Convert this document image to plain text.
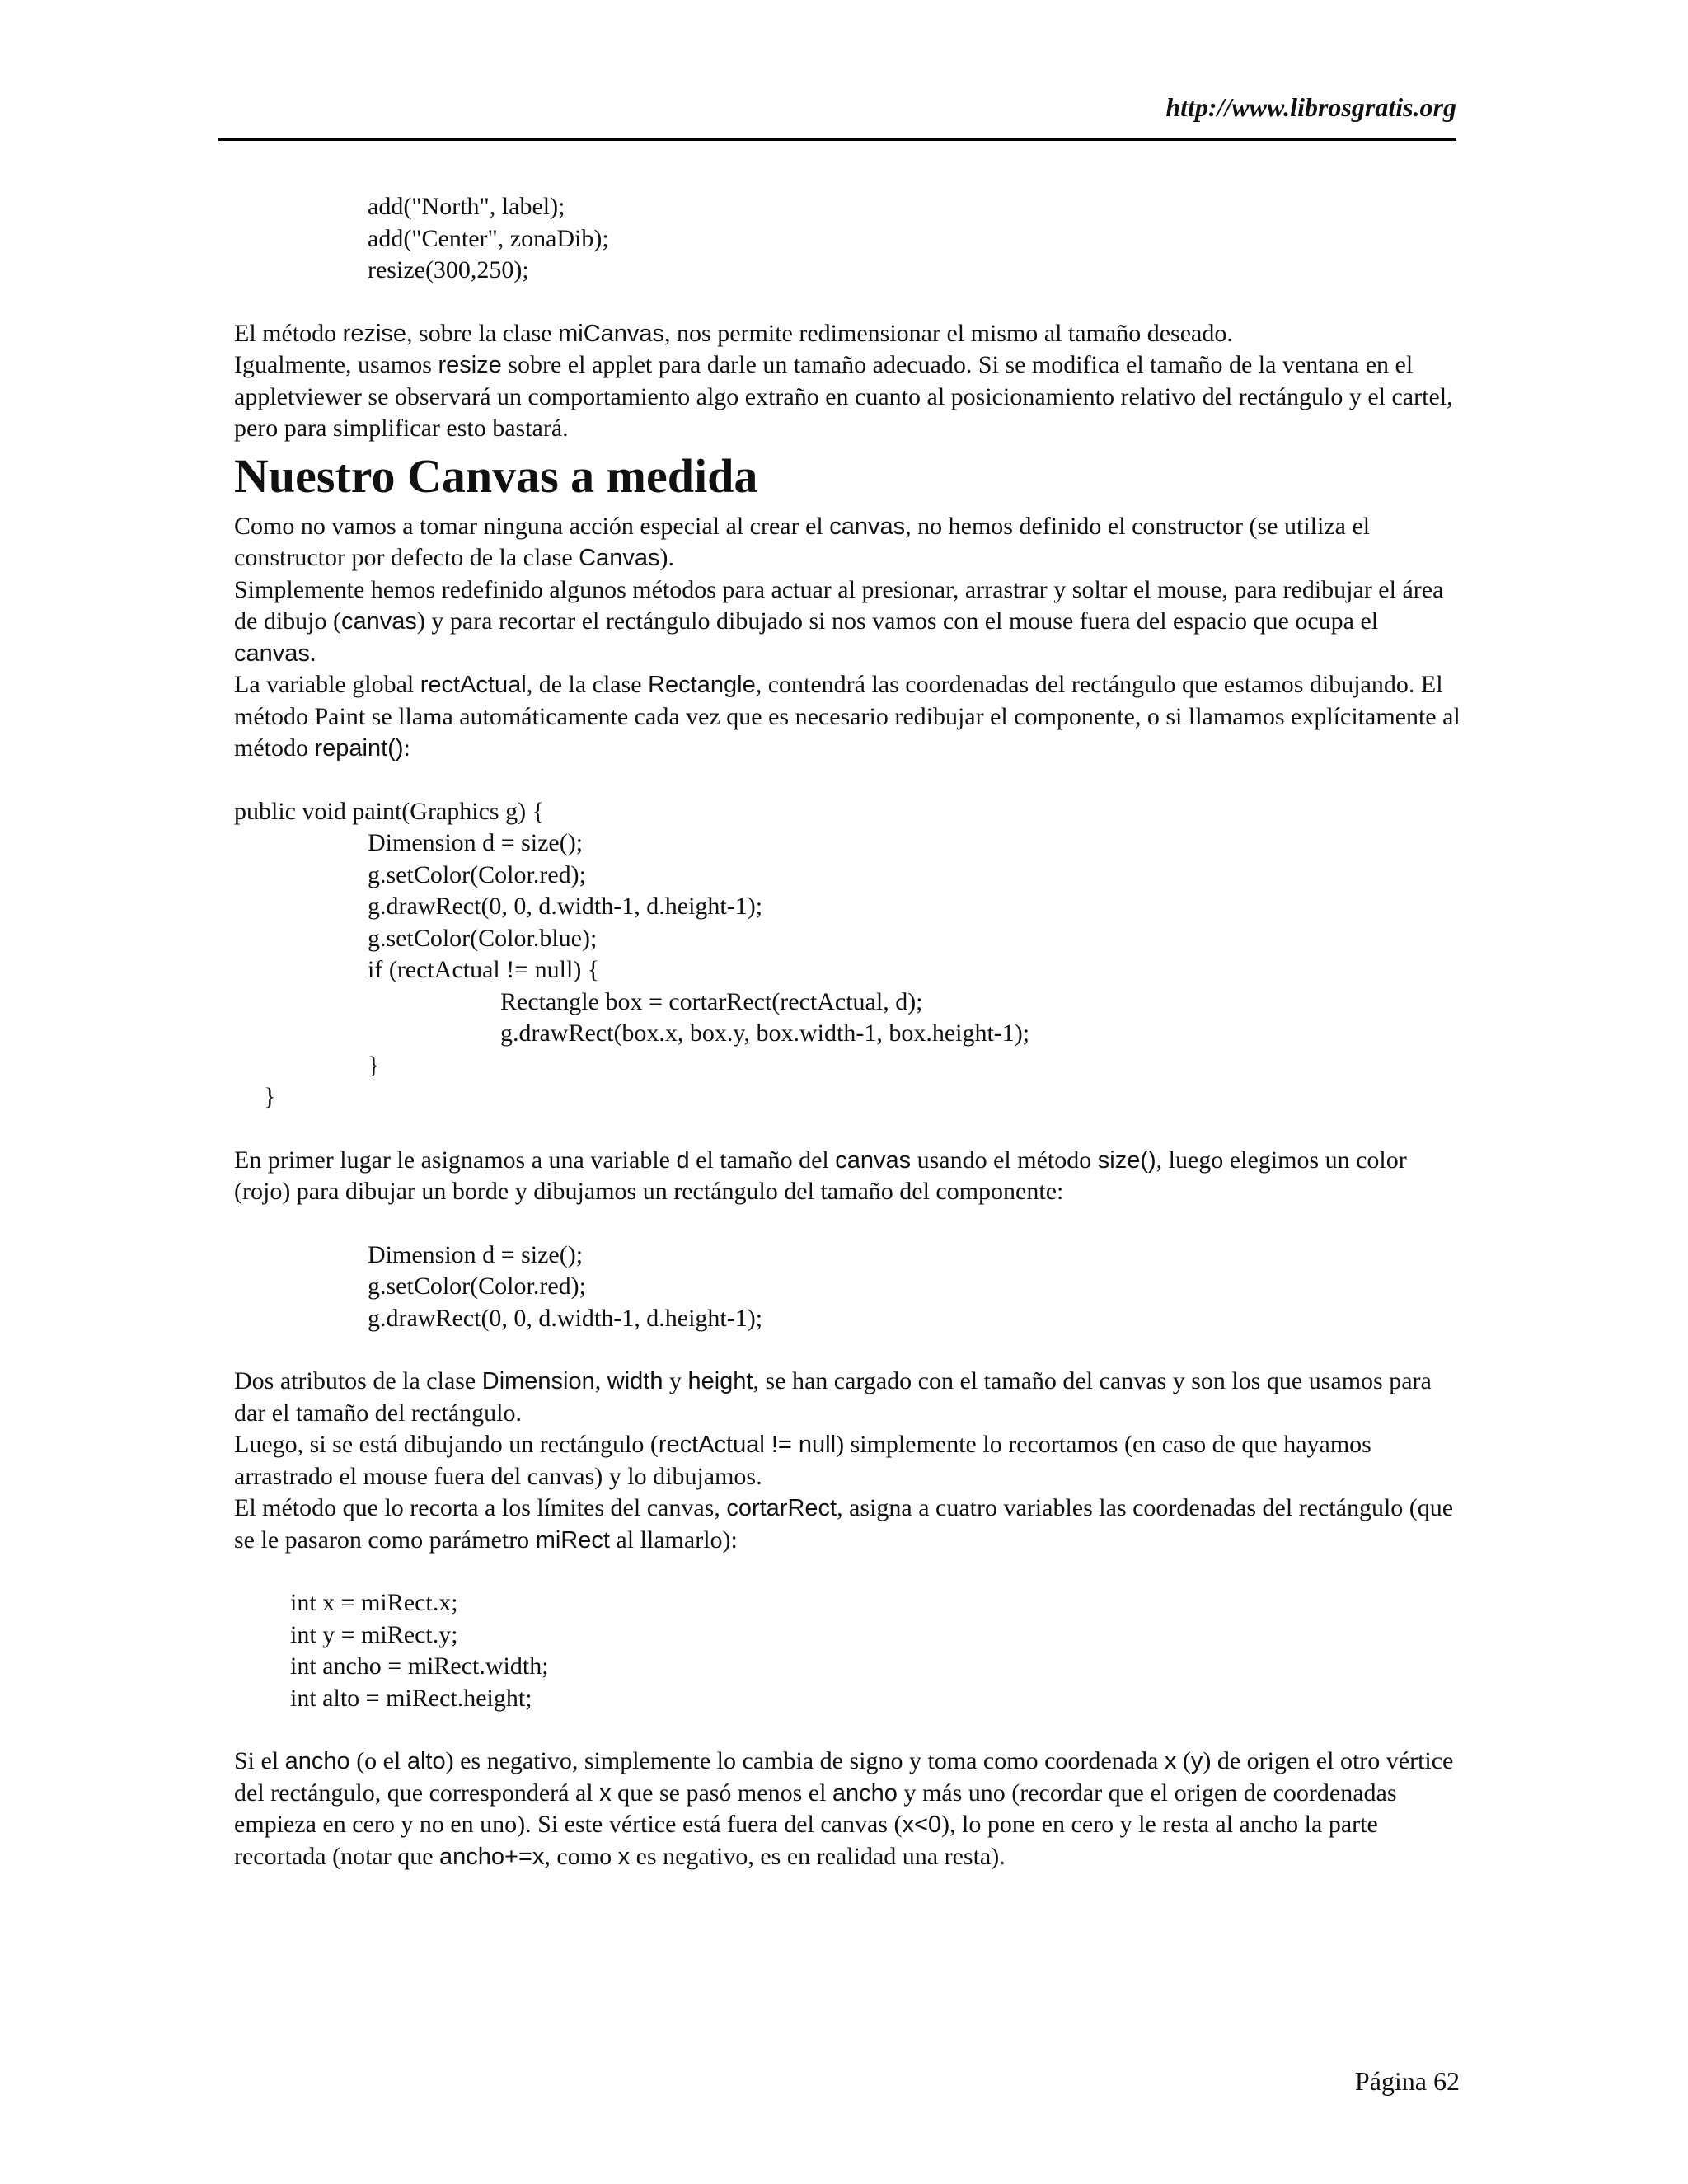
http://www.librosgratis.org
add("North", label);
add("Center", zonaDib);
resize(300,250);

El método rezise, sobre la clase miCanvas, nos permite redimensionar el mismo al tamaño deseado.
Igualmente, usamos resize sobre el applet para darle un tamaño adecuado. Si se modifica el tamaño de la ventana en el appletviewer se observará un comportamiento algo extraño en cuanto al posicionamiento relativo del rectángulo y el cartel, pero para simplificar esto bastará.

Nuestro Canvas a medida

Como no vamos a tomar ninguna acción especial al crear el canvas, no hemos definido el constructor (se utiliza el constructor por defecto de la clase Canvas).

Simplemente hemos redefinido algunos métodos para actuar al presionar, arrastrar y soltar el mouse, para redibujar el área de dibujo (canvas) y para recortar el rectángulo dibujado si nos vamos con el mouse fuera del espacio que ocupa el canvas.

La variable global rectActual, de la clase Rectangle, contendrá las coordenadas del rectángulo que estamos dibujando. El método Paint se llama automáticamente cada vez que es necesario redibujar el componente, o si llamamos explícitamente al método repaint():

public void paint(Graphics g) {
Dimension d = size();
g.setColor(Color.red);
g.drawRect(0, 0, d.width-1, d.height-1);
g.setColor(Color.blue);
if (rectActual != null) {
Rectangle box = cortarRect(rectActual, d);
g.drawRect(box.x, box.y, box.width-1, box.height-1);
}
}

En primer lugar le asignamos a una variable d el tamaño del canvas usando el método size(), luego elegimos un color (rojo) para dibujar un borde y dibujamos un rectángulo del tamaño del componente:

Dimension d = size();
g.setColor(Color.red);
g.drawRect(0, 0, d.width-1, d.height-1);

Dos atributos de la clase Dimension, width y height, se han cargado con el tamaño del canvas y son los que usamos para dar el tamaño del rectángulo.

Luego, si se está dibujando un rectángulo (rectActual != null) simplemente lo recortamos (en caso de que hayamos arrastrado el mouse fuera del canvas) y lo dibujamos.

El método que lo recorta a los límites del canvas, cortarRect, asigna a cuatro variables las coordenadas del rectángulo (que se le pasaron como parámetro miRect al llamarlo):

int x = miRect.x;
int y = miRect.y;
int ancho = miRect.width;
int alto = miRect.height;

Si el ancho (o el alto) es negativo, simplemente lo cambia de signo y toma como coordenada x (y) de origen el otro vértice del rectángulo, que corresponderá al x que se pasó menos el ancho y más uno (recordar que el origen de coordenadas empieza en cero y no en uno). Si este vértice está fuera del canvas (x<0), lo pone en cero y le resta al ancho la parte recortada (notar que ancho+=x, como x es negativo, es en realidad una resta).

Página 62
